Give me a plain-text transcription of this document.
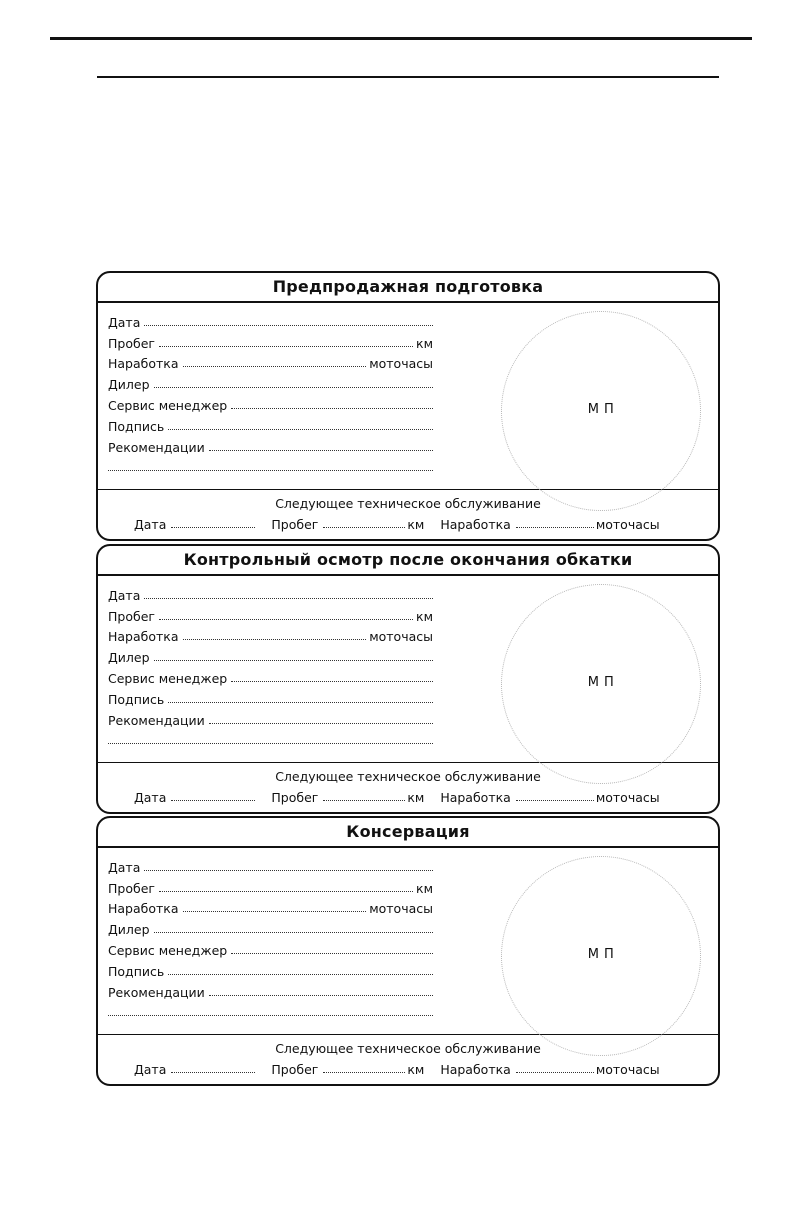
Предпродажная подготовка
Дата
Пробег	км
Наработка	моточасы
Дилер
Сервис менеджер
Подпись
Рекомендации
М П
Следующее техническое обслуживание
Дата	Пробег	км Наработка	моточасы
Контрольный осмотр после окончания обкатки
Дата
Пробег	км
Наработка	моточасы
Дилер
Сервис менеджер
Подпись
Рекомендации
М П
Следующее техническое обслуживание
Дата	Пробег	км Наработка	моточасы
Консервация
Дата
Пробег	км
Наработка	моточасы
Дилер
Сервис менеджер
Подпись
Рекомендации
М П
Следующее техническое обслуживание
Дата	Пробег	км Наработка	моточасы
